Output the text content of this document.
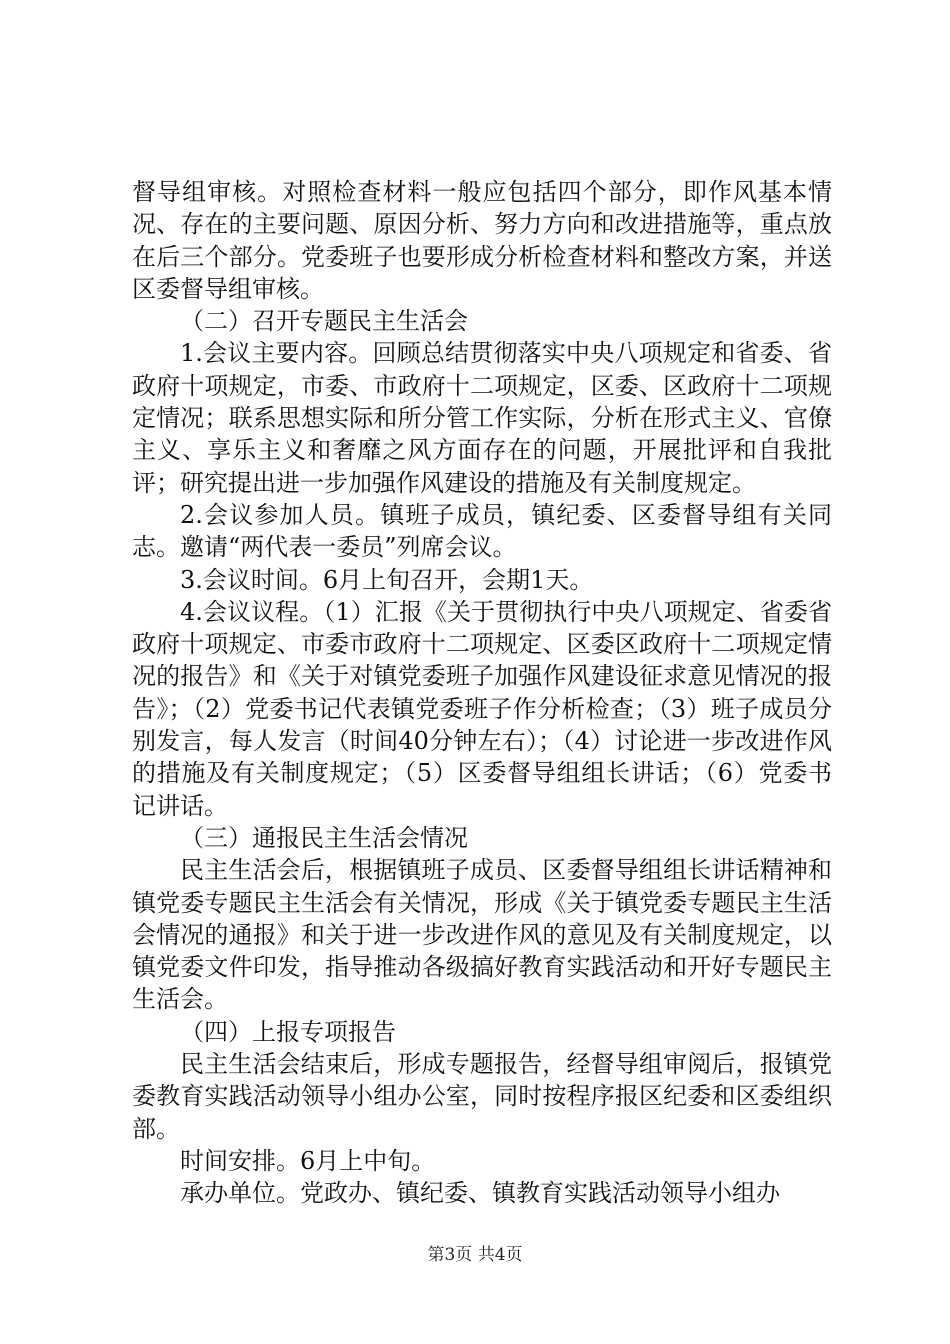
督导组审核。对照检查材料一般应包括四个部分，即作风基本情况、存在的主要问题、原因分析、努力方向和改进措施等，重点放在后三个部分。党委班子也要形成分析检查材料和整改方案，并送区委督导组审核。

（二）召开专题民主生活会

1.会议主要内容。回顾总结贯彻落实中央八项规定和省委、省政府十项规定，市委、市政府十二项规定，区委、区政府十二项规定情况；联系思想实际和所分管工作实际，分析在形式主义、官僚主义、享乐主义和奢靡之风方面存在的问题，开展批评和自我批评；研究提出进一步加强作风建设的措施及有关制度规定。

2.会议参加人员。镇班子成员，镇纪委、区委督导组有关同志。邀请“两代表一委员”列席会议。

3.会议时间。6月上旬召开，会期1天。

4.会议议程。（1）汇报《关于贯彻执行中央八项规定、省委省政府十项规定、市委市政府十二项规定、区委区政府十二项规定情况的报告》和《关于对镇党委班子加强作风建设征求意见情况的报告》；（2）党委书记代表镇党委班子作分析检查；（3）班子成员分别发言，每人发言（时间40分钟左右）；（4）讨论进一步改进作风的措施及有关制度规定；（5）区委督导组组长讲话；（6）党委书记讲话。

（三）通报民主生活会情况

民主生活会后，根据镇班子成员、区委督导组组长讲话精神和镇党委专题民主生活会有关情况，形成《关于镇党委专题民主生活会情况的通报》和关于进一步改进作风的意见及有关制度规定，以镇党委文件印发，指导推动各级搞好教育实践活动和开好专题民主生活会。

（四）上报专项报告

民主生活会结束后，形成专题报告，经督导组审阅后，报镇党委教育实践活动领导小组办公室，同时按程序报区纪委和区委组织部。

时间安排。6月上中旬。

承办单位。党政办、镇纪委、镇教育实践活动领导小组办

第3页 共4页
